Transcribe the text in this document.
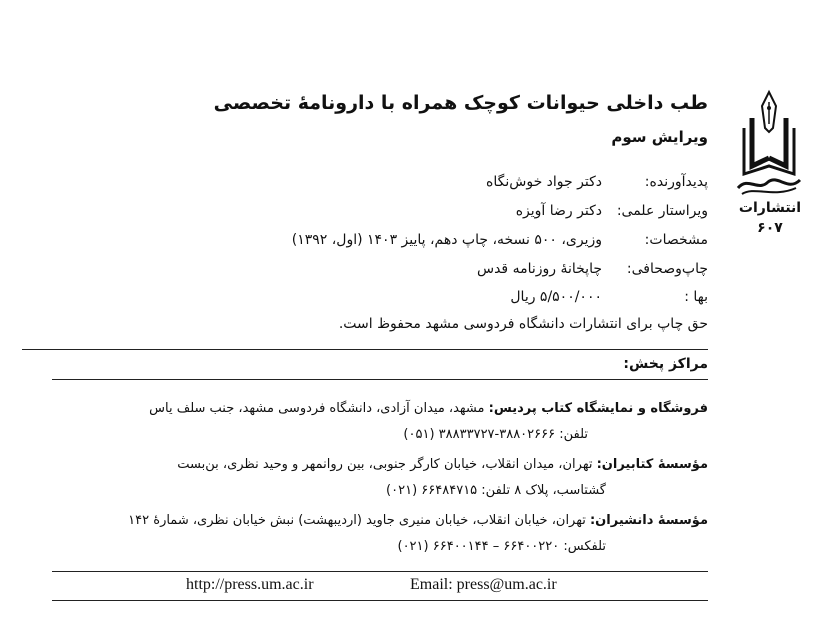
انتشارات
۶۰۷
طب داخلی حیوانات کوچک همراه با دارونامۀ تخصصی
ویرایش سوم
پدیدآورنده:
دکتر جواد خوش‌نگاه
ویراستار علمی:
دکتر رضا آویزه
مشخصات:
وزیری، ۵۰۰ نسخه، چاپ دهم، پاییز ۱۴۰۳ (اول، ۱۳۹۲)
چاپ‌وصحافی:
چاپخانۀ روزنامه قدس
بها :
۵/۵۰۰/۰۰۰ ریال
حق چاپ برای انتشارات دانشگاه فردوسی مشهد محفوظ است.
مراکز پخش:
فروشگاه و نمایشگاه کتاب پردیس: مشهد، میدان آزادی، دانشگاه فردوسی مشهد، جنب سلف یاس
تلفن: ۳۸۸۰۲۶۶۶-۳۸۸۳۳۷۲۷ (۰۵۱)
مؤسسۀ کتابیران: تهران، میدان انقلاب، خیابان کارگر جنوبی، بین روانمهر و وحید نظری، بن‌بست
گشتاسب، پلاک ۸ تلفن: ۶۶۴۸۴۷۱۵ (۰۲۱)
مؤسسۀ دانشیران: تهران، خیابان انقلاب، خیابان منیری جاوید (اردیبهشت) نبش خیابان نظری، شمارۀ ۱۴۲
تلفکس: ۶۶۴۰۰۲۲۰ – ۶۶۴۰۰۱۴۴ (۰۲۱)
http://press.um.ac.ir	Email: press@um.ac.ir
